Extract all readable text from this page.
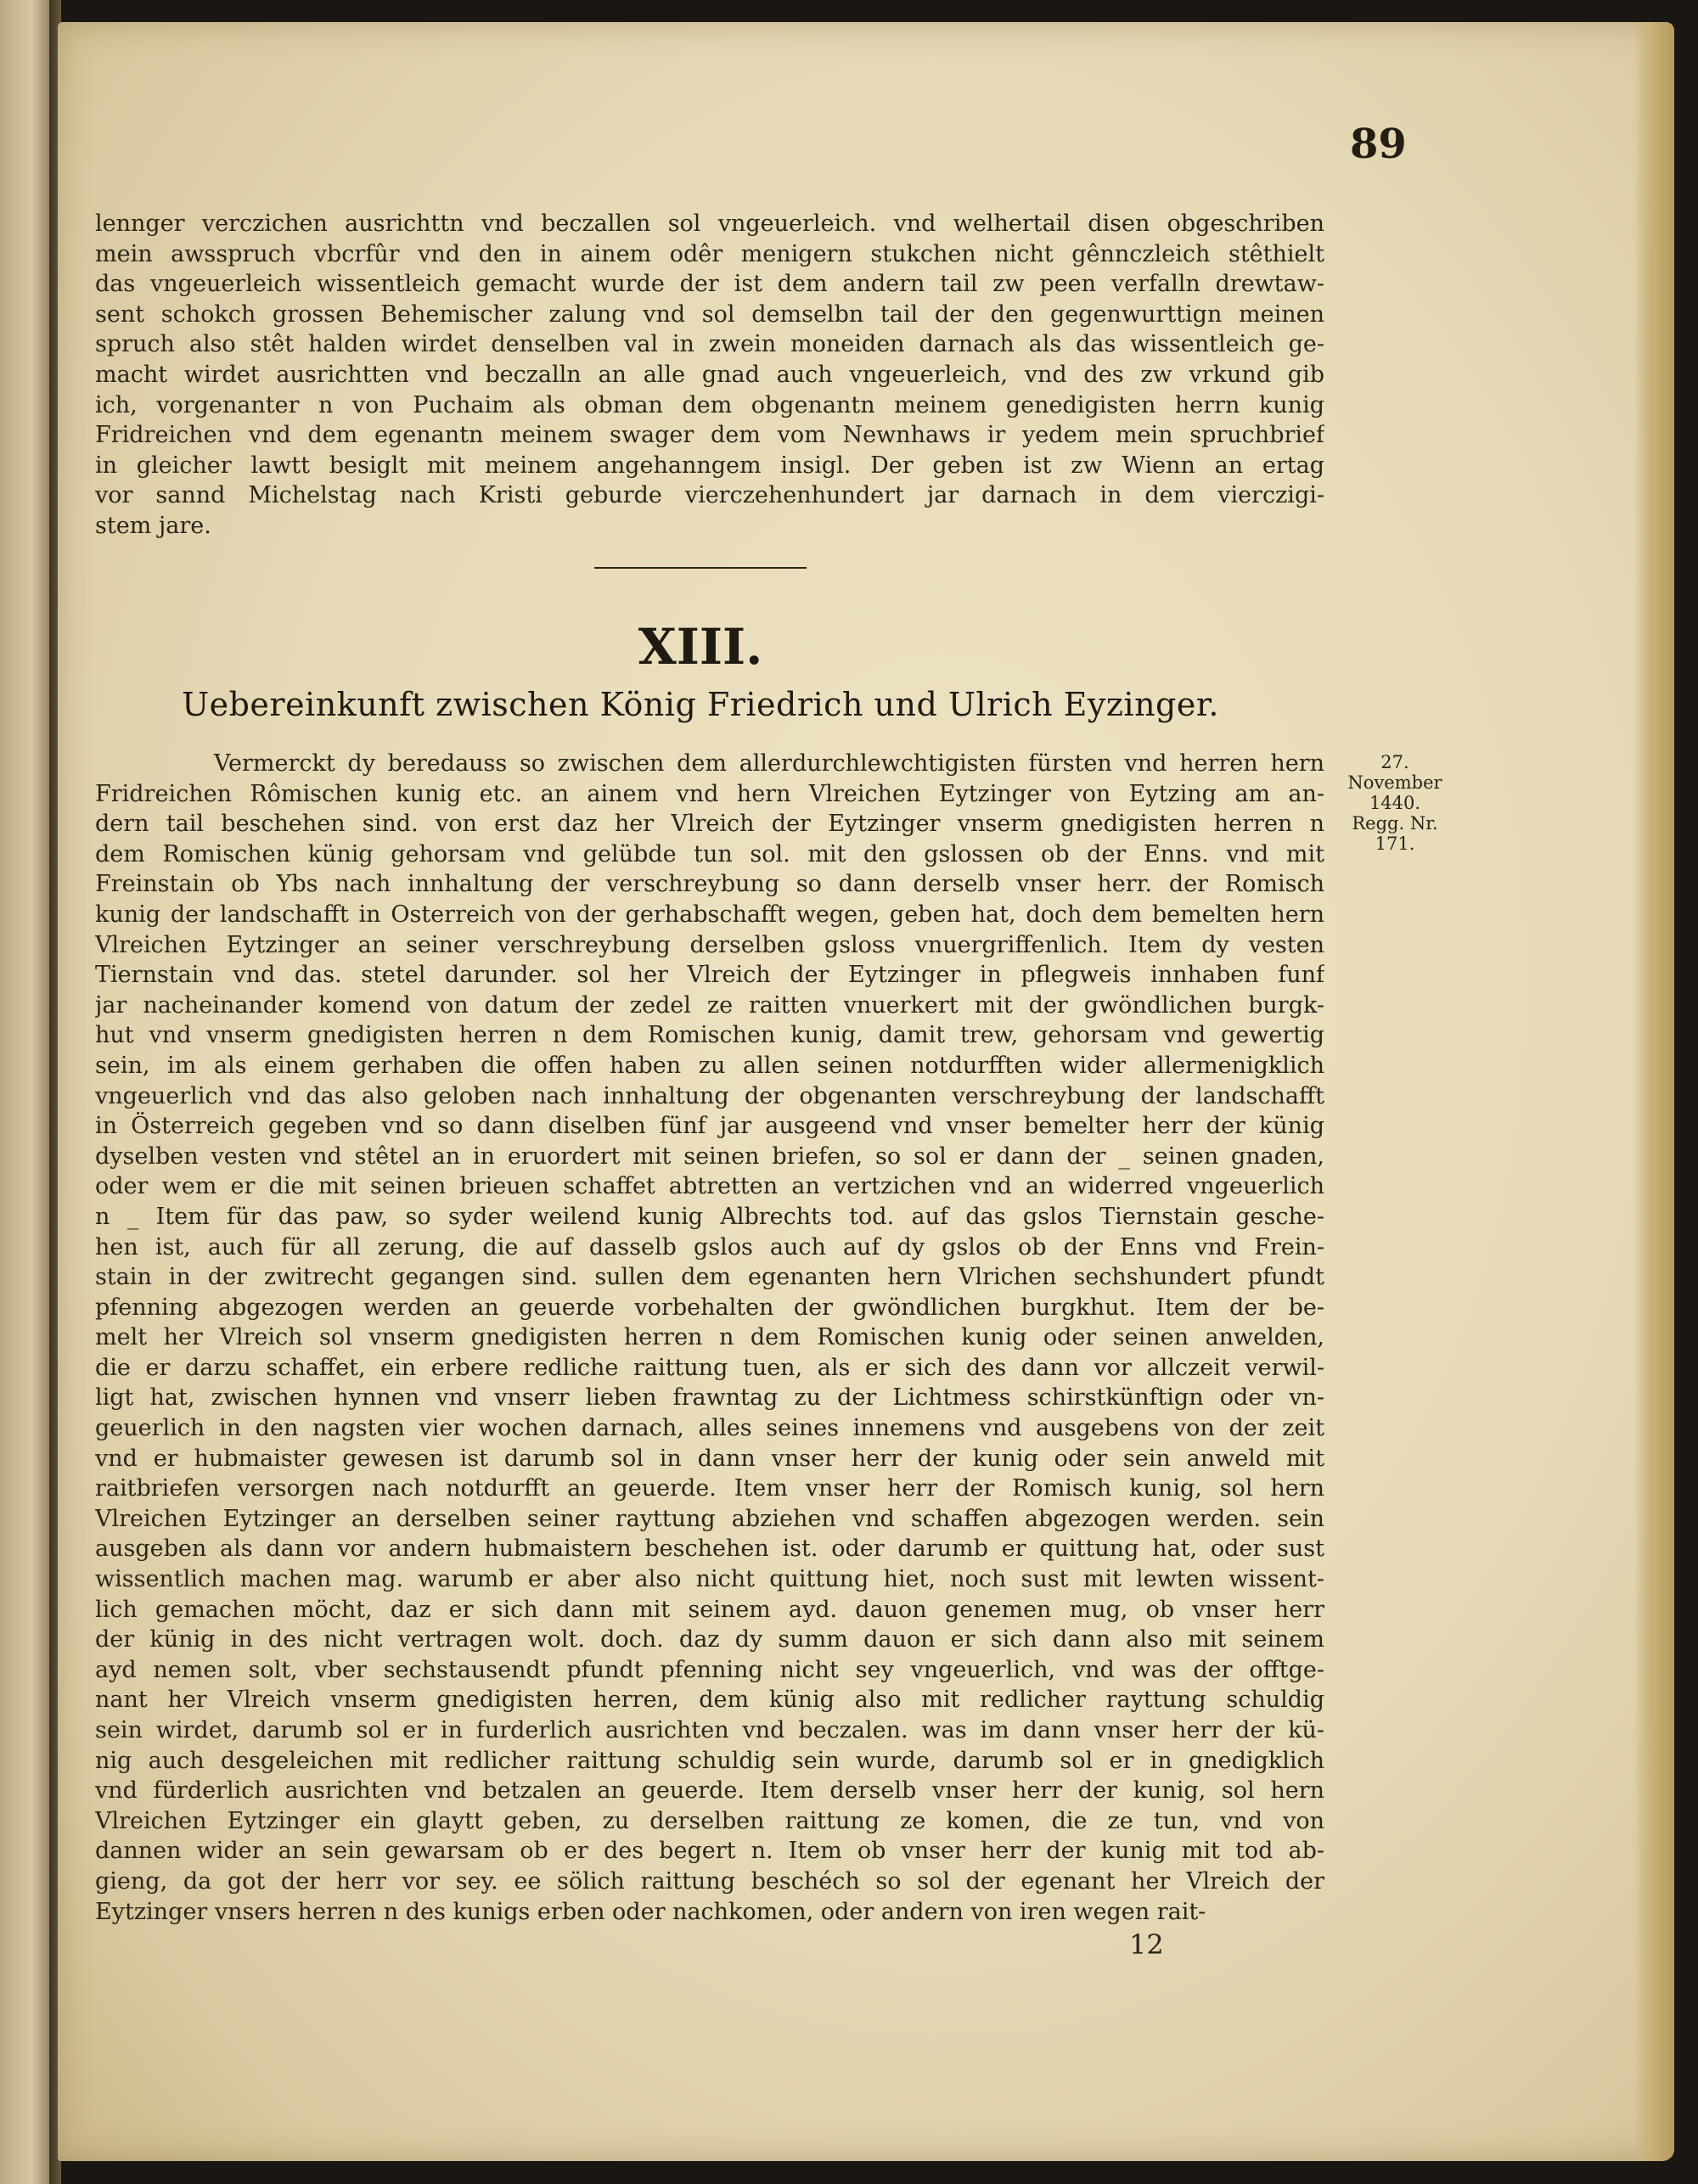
89
lennger verczichen ausrichttn vnd beczallen sol vngeuerleich. vnd welhertail disen obgeschriben
mein awsspruch vbcrfûr vnd den in ainem odêr menigern stukchen nicht gênnczleich stêthielt
das vngeuerleich wissentleich gemacht wurde der ist dem andern tail zw peen verfalln drewtaw-
sent schokch grossen Behemischer zalung vnd sol demselbn tail der den gegenwurttign meinen
spruch also stêt halden wirdet denselben val in zwein moneiden darnach als das wissentleich ge-
macht wirdet ausrichtten vnd beczalln an alle gnad auch vngeuerleich, vnd des zw vrkund gib
ich, vorgenanter n von Puchaim als obman dem obgenantn meinem genedigisten herrn kunig
Fridreichen vnd dem egenantn meinem swager dem vom Newnhaws ir yedem mein spruchbrief
in gleicher lawtt besiglt mit meinem angehanngem insigl. Der geben ist zw Wienn an ertag
vor sannd Michelstag nach Kristi geburde vierczehenhundert jar darnach in dem vierczigi-
stem jare.
XIII.
Uebereinkunft zwischen König Friedrich und Ulrich Eyzinger.
27. November
1440.
Regg. Nr. 171.
Vermerckt dy beredauss so zwischen dem allerdurchlewchtigisten fürsten vnd herren hern
Fridreichen Rômischen kunig etc. an ainem vnd hern Vlreichen Eytzinger von Eytzing am an-
dern tail beschehen sind. von erst daz her Vlreich der Eytzinger vnserm gnedigisten herren n
dem Romischen künig gehorsam vnd gelübde tun sol. mit den gslossen ob der Enns. vnd mit
Freinstain ob Ybs nach innhaltung der verschreybung so dann derselb vnser herr. der Romisch
kunig der landschafft in Osterreich von der gerhabschafft wegen, geben hat, doch dem bemelten hern
Vlreichen Eytzinger an seiner verschreybung derselben gsloss vnuergriffenlich. Item dy vesten
Tiernstain vnd das. stetel darunder. sol her Vlreich der Eytzinger in pflegweis innhaben funf
jar nacheinander komend von datum der zedel ze raitten vnuerkert mit der gwöndlichen burgk-
hut vnd vnserm gnedigisten herren n dem Romischen kunig, damit trew, gehorsam vnd gewertig
sein, im als einem gerhaben die offen haben zu allen seinen notdurfften wider allermenigklich
vngeuerlich vnd das also geloben nach innhaltung der obgenanten verschreybung der landschafft
in Österreich gegeben vnd so dann diselben fünf jar ausgeend vnd vnser bemelter herr der künig
dyselben vesten vnd stêtel an in eruordert mit seinen briefen, so sol er dann der _ seinen gnaden,
oder wem er die mit seinen brieuen schaffet abtretten an vertzichen vnd an widerred vngeuerlich
n _ Item für das paw, so syder weilend kunig Albrechts tod. auf das gslos Tiernstain gesche-
hen ist, auch für all zerung, die auf dasselb gslos auch auf dy gslos ob der Enns vnd Frein-
stain in der zwitrecht gegangen sind. sullen dem egenanten hern Vlrichen sechshundert pfundt
pfenning abgezogen werden an geuerde vorbehalten der gwöndlichen burgkhut. Item der be-
melt her Vlreich sol vnserm gnedigisten herren n dem Romischen kunig oder seinen anwelden,
die er darzu schaffet, ein erbere redliche raittung tuen, als er sich des dann vor allczeit verwil-
ligt hat, zwischen hynnen vnd vnserr lieben frawntag zu der Lichtmess schirstkünftign oder vn-
geuerlich in den nagsten vier wochen darnach, alles seines innemens vnd ausgebens von der zeit
vnd er hubmaister gewesen ist darumb sol in dann vnser herr der kunig oder sein anweld mit
raitbriefen versorgen nach notdurfft an geuerde. Item vnser herr der Romisch kunig, sol hern
Vlreichen Eytzinger an derselben seiner rayttung abziehen vnd schaffen abgezogen werden. sein
ausgeben als dann vor andern hubmaistern beschehen ist. oder darumb er quittung hat, oder sust
wissentlich machen mag. warumb er aber also nicht quittung hiet, noch sust mit lewten wissent-
lich gemachen möcht, daz er sich dann mit seinem ayd. dauon genemen mug, ob vnser herr
der künig in des nicht vertragen wolt. doch. daz dy summ dauon er sich dann also mit seinem
ayd nemen solt, vber sechstausendt pfundt pfenning nicht sey vngeuerlich, vnd was der offtge-
nant her Vlreich vnserm gnedigisten herren, dem künig also mit redlicher rayttung schuldig
sein wirdet, darumb sol er in furderlich ausrichten vnd beczalen. was im dann vnser herr der kü-
nig auch desgeleichen mit redlicher raittung schuldig sein wurde, darumb sol er in gnedigklich
vnd fürderlich ausrichten vnd betzalen an geuerde. Item derselb vnser herr der kunig, sol hern
Vlreichen Eytzinger ein glaytt geben, zu derselben raittung ze komen, die ze tun, vnd von
dannen wider an sein gewarsam ob er des begert n. Item ob vnser herr der kunig mit tod ab-
gieng, da got der herr vor sey. ee sölich raittung beschéch so sol der egenant her Vlreich der
Eytzinger vnsers herren n des kunigs erben oder nachkomen, oder andern von iren wegen rait-
12
